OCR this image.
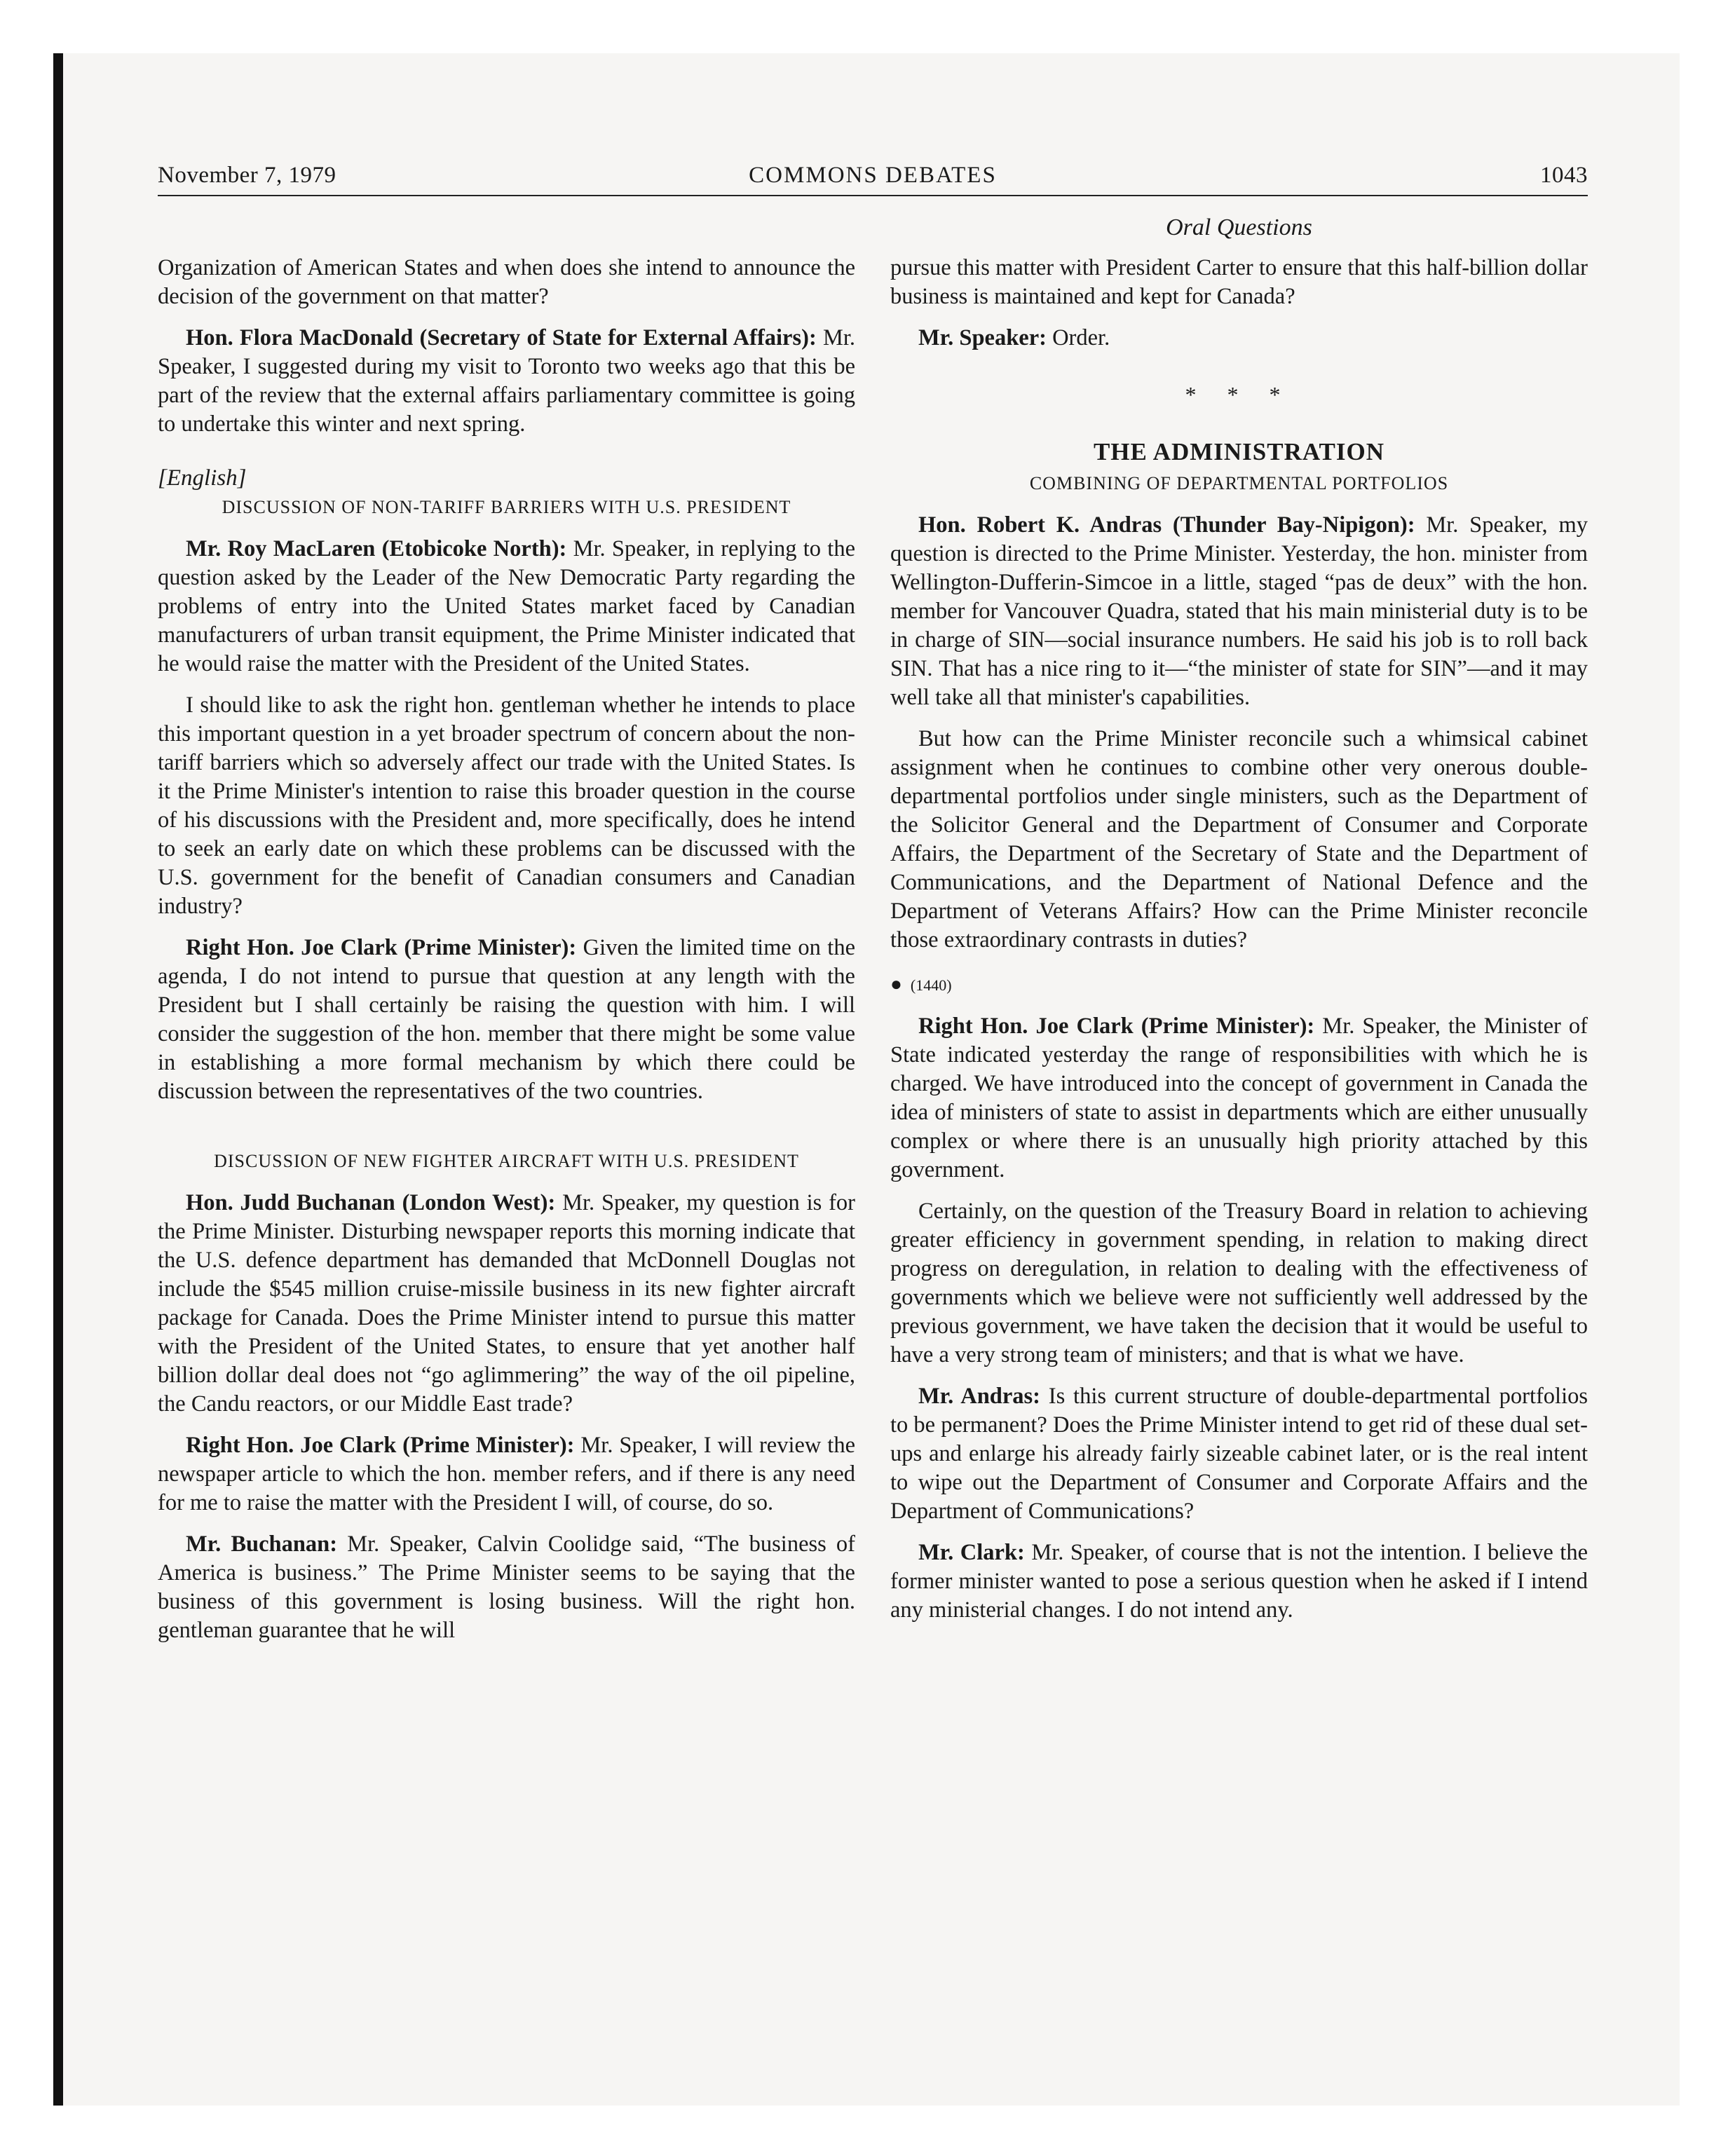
November 7, 1979	COMMONS DEBATES	1043
Oral Questions

Organization of American States and when does she intend to announce the decision of the government on that matter?

Hon. Flora MacDonald (Secretary of State for External Affairs): Mr. Speaker, I suggested during my visit to Toronto two weeks ago that this be part of the review that the external affairs parliamentary committee is going to undertake this winter and next spring.

[English]
DISCUSSION OF NON-TARIFF BARRIERS WITH U.S. PRESIDENT

Mr. Roy MacLaren (Etobicoke North): Mr. Speaker, in replying to the question asked by the Leader of the New Democratic Party regarding the problems of entry into the United States market faced by Canadian manufacturers of urban transit equipment, the Prime Minister indicated that he would raise the matter with the President of the United States.

I should like to ask the right hon. gentleman whether he intends to place this important question in a yet broader spectrum of concern about the non-tariff barriers which so adversely affect our trade with the United States. Is it the Prime Minister's intention to raise this broader question in the course of his discussions with the President and, more specifically, does he intend to seek an early date on which these problems can be discussed with the U.S. government for the benefit of Canadian consumers and Canadian industry?

Right Hon. Joe Clark (Prime Minister): Given the limited time on the agenda, I do not intend to pursue that question at any length with the President but I shall certainly be raising the question with him. I will consider the suggestion of the hon. member that there might be some value in establishing a more formal mechanism by which there could be discussion between the representatives of the two countries.

DISCUSSION OF NEW FIGHTER AIRCRAFT WITH U.S. PRESIDENT

Hon. Judd Buchanan (London West): Mr. Speaker, my question is for the Prime Minister. Disturbing newspaper reports this morning indicate that the U.S. defence department has demanded that McDonnell Douglas not include the $545 million cruise-missile business in its new fighter aircraft package for Canada. Does the Prime Minister intend to pursue this matter with the President of the United States, to ensure that yet another half billion dollar deal does not “go aglimmering” the way of the oil pipeline, the Candu reactors, or our Middle East trade?

Right Hon. Joe Clark (Prime Minister): Mr. Speaker, I will review the newspaper article to which the hon. member refers, and if there is any need for me to raise the matter with the President I will, of course, do so.

Mr. Buchanan: Mr. Speaker, Calvin Coolidge said, “The business of America is business.” The Prime Minister seems to be saying that the business of this government is losing business. Will the right hon. gentleman guarantee that he will

pursue this matter with President Carter to ensure that this half-billion dollar business is maintained and kept for Canada?

Mr. Speaker: Order.

* * *
THE ADMINISTRATION
COMBINING OF DEPARTMENTAL PORTFOLIOS

Hon. Robert K. Andras (Thunder Bay-Nipigon): Mr. Speaker, my question is directed to the Prime Minister. Yesterday, the hon. minister from Wellington-Dufferin-Simcoe in a little, staged “pas de deux” with the hon. member for Vancouver Quadra, stated that his main ministerial duty is to be in charge of SIN—social insurance numbers. He said his job is to roll back SIN. That has a nice ring to it—“the minister of state for SIN”—and it may well take all that minister's capabilities.

But how can the Prime Minister reconcile such a whimsical cabinet assignment when he continues to combine other very onerous double-departmental portfolios under single ministers, such as the Department of the Solicitor General and the Department of Consumer and Corporate Affairs, the Department of the Secretary of State and the Department of Communications, and the Department of National Defence and the Department of Veterans Affairs? How can the Prime Minister reconcile those extraordinary contrasts in duties?

● (1440)

Right Hon. Joe Clark (Prime Minister): Mr. Speaker, the Minister of State indicated yesterday the range of responsibilities with which he is charged. We have introduced into the concept of government in Canada the idea of ministers of state to assist in departments which are either unusually complex or where there is an unusually high priority attached by this government.

Certainly, on the question of the Treasury Board in relation to achieving greater efficiency in government spending, in relation to making direct progress on deregulation, in relation to dealing with the effectiveness of governments which we believe were not sufficiently well addressed by the previous government, we have taken the decision that it would be useful to have a very strong team of ministers; and that is what we have.

Mr. Andras: Is this current structure of double-departmental portfolios to be permanent? Does the Prime Minister intend to get rid of these dual set-ups and enlarge his already fairly sizeable cabinet later, or is the real intent to wipe out the Department of Consumer and Corporate Affairs and the Department of Communications?

Mr. Clark: Mr. Speaker, of course that is not the intention. I believe the former minister wanted to pose a serious question when he asked if I intend any ministerial changes. I do not intend any.
